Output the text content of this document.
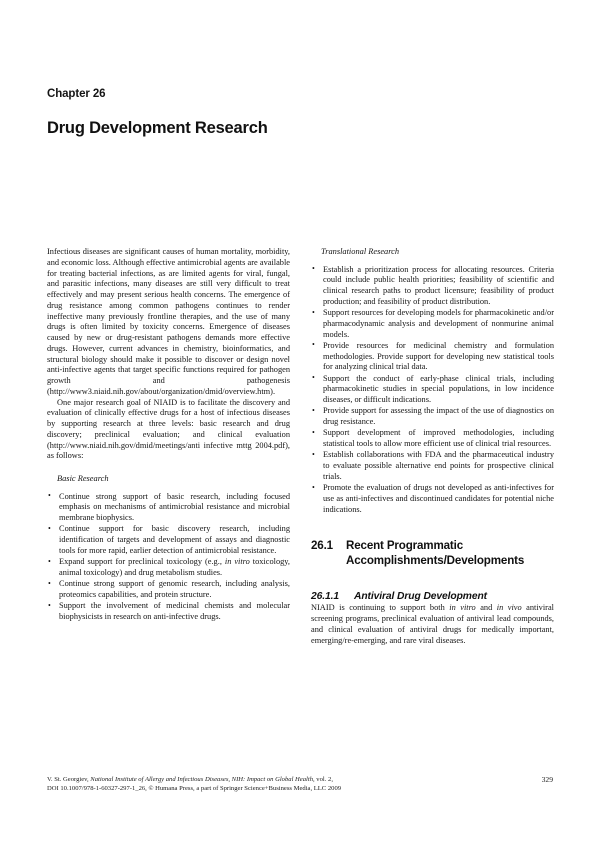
Chapter 26
Drug Development Research

Infectious diseases are significant causes of human mortality, morbidity, and economic loss. Although effective antimicrobial agents are available for treating bacterial infections, as are limited agents for viral, fungal, and parasitic infections, many diseases are still very difficult to treat effectively and may present serious health concerns. The emergence of drug resistance among common pathogens continues to render ineffective many previously frontline therapies, and the use of many drugs is often limited by toxicity concerns. Emergence of diseases caused by new or drug-resistant pathogens demands more effective drugs. However, current advances in chemistry, bioinformatics, and structural biology should make it possible to discover or design novel anti-infective agents that target specific functions required for pathogen growth and pathogenesis (http://www3.niaid.nih.gov/about/organization/dmid/overview.htm).

One major research goal of NIAID is to facilitate the discovery and evaluation of clinically effective drugs for a host of infectious diseases by supporting research at three levels: basic research and drug discovery; preclinical evaluation; and clinical evaluation (http://www.niaid.nih.gov/dmid/meetings/anti infective mttg 2004.pdf), as follows:

Basic Research
• Continue strong support of basic research, including focused emphasis on mechanisms of antimicrobial resistance and microbial membrane biophysics.
• Continue support for basic discovery research, including identification of targets and development of assays and diagnostic tools for more rapid, earlier detection of antimicrobial resistance.
• Expand support for preclinical toxicology (e.g., in vitro toxicology, animal toxicology) and drug metabolism studies.
• Continue strong support of genomic research, including analysis, proteomics capabilities, and protein structure.
• Support the involvement of medicinal chemists and molecular biophysicists in research on anti-infective drugs.
Translational Research
• Establish a prioritization process for allocating resources. Criteria could include public health priorities; feasibility of scientific and clinical research paths to product licensure; feasibility of product production; and feasibility of product distribution.
• Support resources for developing models for pharmacokinetic and/or pharmacodynamic analysis and development of nonmurine animal models.
• Provide resources for medicinal chemistry and formulation methodologies. Provide support for developing new statistical tools for analyzing clinical trial data.
• Support the conduct of early-phase clinical trials, including pharmacokinetic studies in special populations, in low incidence diseases, or difficult indications.
• Provide support for assessing the impact of the use of diagnostics on drug resistance.
• Support development of improved methodologies, including statistical tools to allow more efficient use of clinical trial resources.
• Establish collaborations with FDA and the pharmaceutical industry to evaluate possible alternative end points for prospective clinical trials.
• Promote the evaluation of drugs not developed as anti-infectives for use as anti-infectives and discontinued candidates for potential niche indications.
26.1	Recent Programmatic
Accomplishments/Developments
26.1.1	Antiviral Drug Development

NIAID is continuing to support both in vitro and in vivo antiviral screening programs, preclinical evaluation of antiviral lead compounds, and clinical evaluation of antiviral drugs for medically important, emerging/re-emerging, and rare viral diseases.

V. St. Georgiev, National Institute of Allergy and Infectious Diseases, NIH: Impact on Global Health, vol. 2,
DOI 10.1007/978-1-60327-297-1_26, © Humana Press, a part of Springer Science+Business Media, LLC 2009
329
